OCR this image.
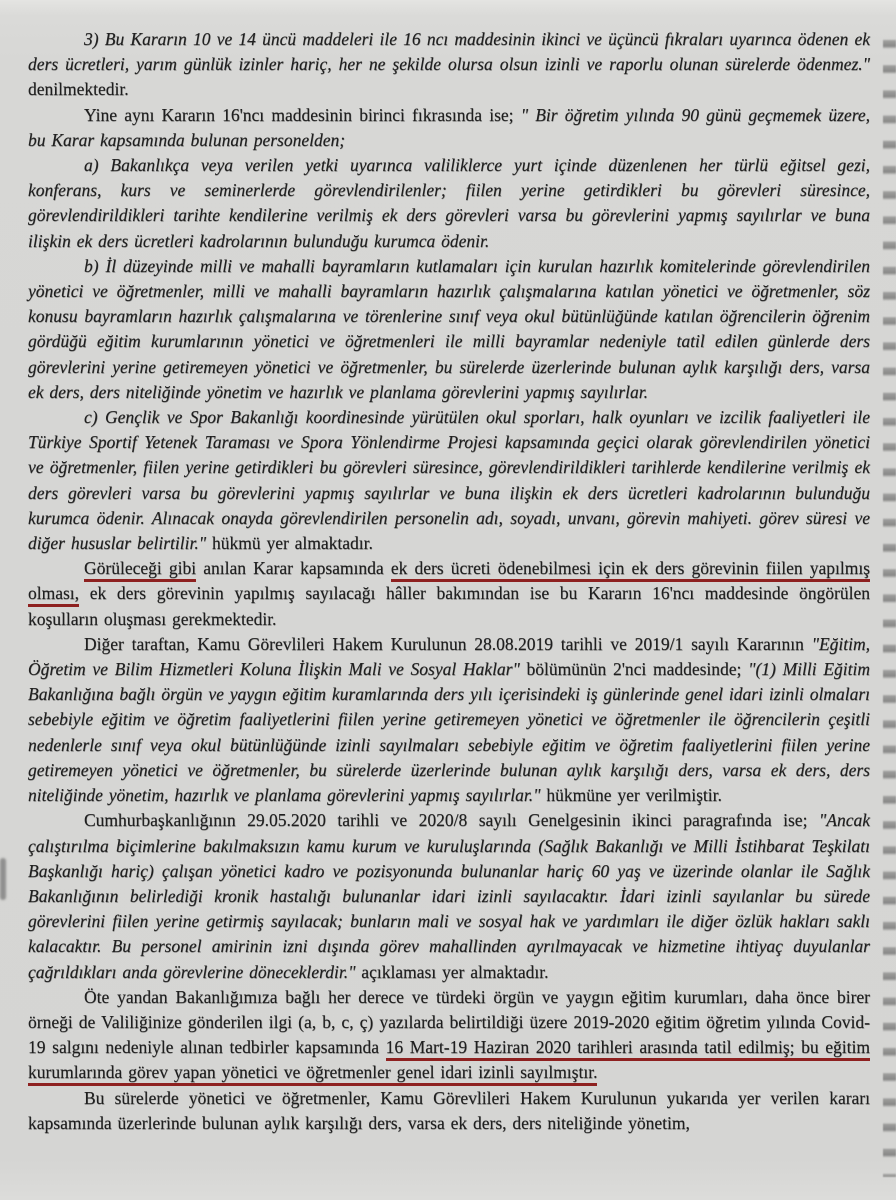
3) Bu Kararın 10 ve 14 üncü maddeleri ile 16 ncı maddesinin ikinci ve üçüncü fıkraları uyarınca ödenen ek ders ücretleri, yarım günlük izinler hariç, her ne şekilde olursa olsun izinli ve raporlu olunan sürelerde ödenmez." denilmektedir.

Yine aynı Kararın 16'ncı maddesinin birinci fıkrasında ise; " Bir öğretim yılında 90 günü geçmemek üzere, bu Karar kapsamında bulunan personelden;

a) Bakanlıkça veya verilen yetki uyarınca valiliklerce yurt içinde düzenlenen her türlü eğitsel gezi, konferans, kurs ve seminerlerde görevlendirilenler; fiilen yerine getirdikleri bu görevleri süresince, görevlendirildikleri tarihte kendilerine verilmiş ek ders görevleri varsa bu görevlerini yapmış sayılırlar ve buna ilişkin ek ders ücretleri kadrolarının bulunduğu kurumca ödenir.

b) İl düzeyinde milli ve mahalli bayramların kutlamaları için kurulan hazırlık komitelerinde görevlendirilen yönetici ve öğretmenler, milli ve mahalli bayramların hazırlık çalışmalarına katılan yönetici ve öğretmenler, söz konusu bayramların hazırlık çalışmalarına ve törenlerine sınıf veya okul bütünlüğünde katılan öğrencilerin öğrenim gördüğü eğitim kurumlarının yönetici ve öğretmenleri ile milli bayramlar nedeniyle tatil edilen günlerde ders görevlerini yerine getiremeyen yönetici ve öğretmenler, bu sürelerde üzerlerinde bulunan aylık karşılığı ders, varsa ek ders, ders niteliğinde yönetim ve hazırlık ve planlama görevlerini yapmış sayılırlar.

c) Gençlik ve Spor Bakanlığı koordinesinde yürütülen okul sporları, halk oyunları ve izcilik faaliyetleri ile Türkiye Sportif Yetenek Taraması ve Spora Yönlendirme Projesi kapsamında geçici olarak görevlendirilen yönetici ve öğretmenler, fiilen yerine getirdikleri bu görevleri süresince, görevlendirildikleri tarihlerde kendilerine verilmiş ek ders görevleri varsa bu görevlerini yapmış sayılırlar ve buna ilişkin ek ders ücretleri kadrolarının bulunduğu kurumca ödenir. Alınacak onayda görevlendirilen personelin adı, soyadı, unvanı, görevin mahiyeti. görev süresi ve diğer hususlar belirtilir." hükmü yer almaktadır.

Görüleceği gibi anılan Karar kapsamında ek ders ücreti ödenebilmesi için ek ders görevinin fiilen yapılmış olması, ek ders görevinin yapılmış sayılacağı hâller bakımından ise bu Kararın 16'ncı maddesinde öngörülen koşulların oluşması gerekmektedir.

Diğer taraftan, Kamu Görevlileri Hakem Kurulunun 28.08.2019 tarihli ve 2019/1 sayılı Kararının "Eğitim, Öğretim ve Bilim Hizmetleri Koluna İlişkin Mali ve Sosyal Haklar" bölümünün 2'nci maddesinde; "(1) Milli Eğitim Bakanlığına bağlı örgün ve yaygın eğitim kuramlarında ders yılı içerisindeki iş günlerinde genel idari izinli olmaları sebebiyle eğitim ve öğretim faaliyetlerini fiilen yerine getiremeyen yönetici ve öğretmenler ile öğrencilerin çeşitli nedenlerle sınıf veya okul bütünlüğünde izinli sayılmaları sebebiyle eğitim ve öğretim faaliyetlerini fiilen yerine getiremeyen yönetici ve öğretmenler, bu sürelerde üzerlerinde bulunan aylık karşılığı ders, varsa ek ders, ders niteliğinde yönetim, hazırlık ve planlama görevlerini yapmış sayılırlar." hükmüne yer verilmiştir.

Cumhurbaşkanlığının 29.05.2020 tarihli ve 2020/8 sayılı Genelgesinin ikinci paragrafında ise; "Ancak çalıştırılma biçimlerine bakılmaksızın kamu kurum ve kuruluşlarında (Sağlık Bakanlığı ve Milli İstihbarat Teşkilatı Başkanlığı hariç) çalışan yönetici kadro ve pozisyonunda bulunanlar hariç 60 yaş ve üzerinde olanlar ile Sağlık Bakanlığının belirlediği kronik hastalığı bulunanlar idari izinli sayılacaktır. İdari izinli sayılanlar bu sürede görevlerini fiilen yerine getirmiş sayılacak; bunların mali ve sosyal hak ve yardımları ile diğer özlük hakları saklı kalacaktır. Bu personel amirinin izni dışında görev mahallinden ayrılmayacak ve hizmetine ihtiyaç duyulanlar çağrıldıkları anda görevlerine döneceklerdir." açıklaması yer almaktadır.

Öte yandan Bakanlığımıza bağlı her derece ve türdeki örgün ve yaygın eğitim kurumları, daha önce birer örneği de Valiliğinize gönderilen ilgi (a, b, c, ç) yazılarda belirtildiği üzere 2019-2020 eğitim öğretim yılında Covid-19 salgını nedeniyle alınan tedbirler kapsamında 16 Mart-19 Haziran 2020 tarihleri arasında tatil edilmiş; bu eğitim kurumlarında görev yapan yönetici ve öğretmenler genel idari izinli sayılmıştır.

Bu sürelerde yönetici ve öğretmenler, Kamu Görevlileri Hakem Kurulunun yukarıda yer verilen kararı kapsamında üzerlerinde bulunan aylık karşılığı ders, varsa ek ders, ders niteliğinde yönetim,
